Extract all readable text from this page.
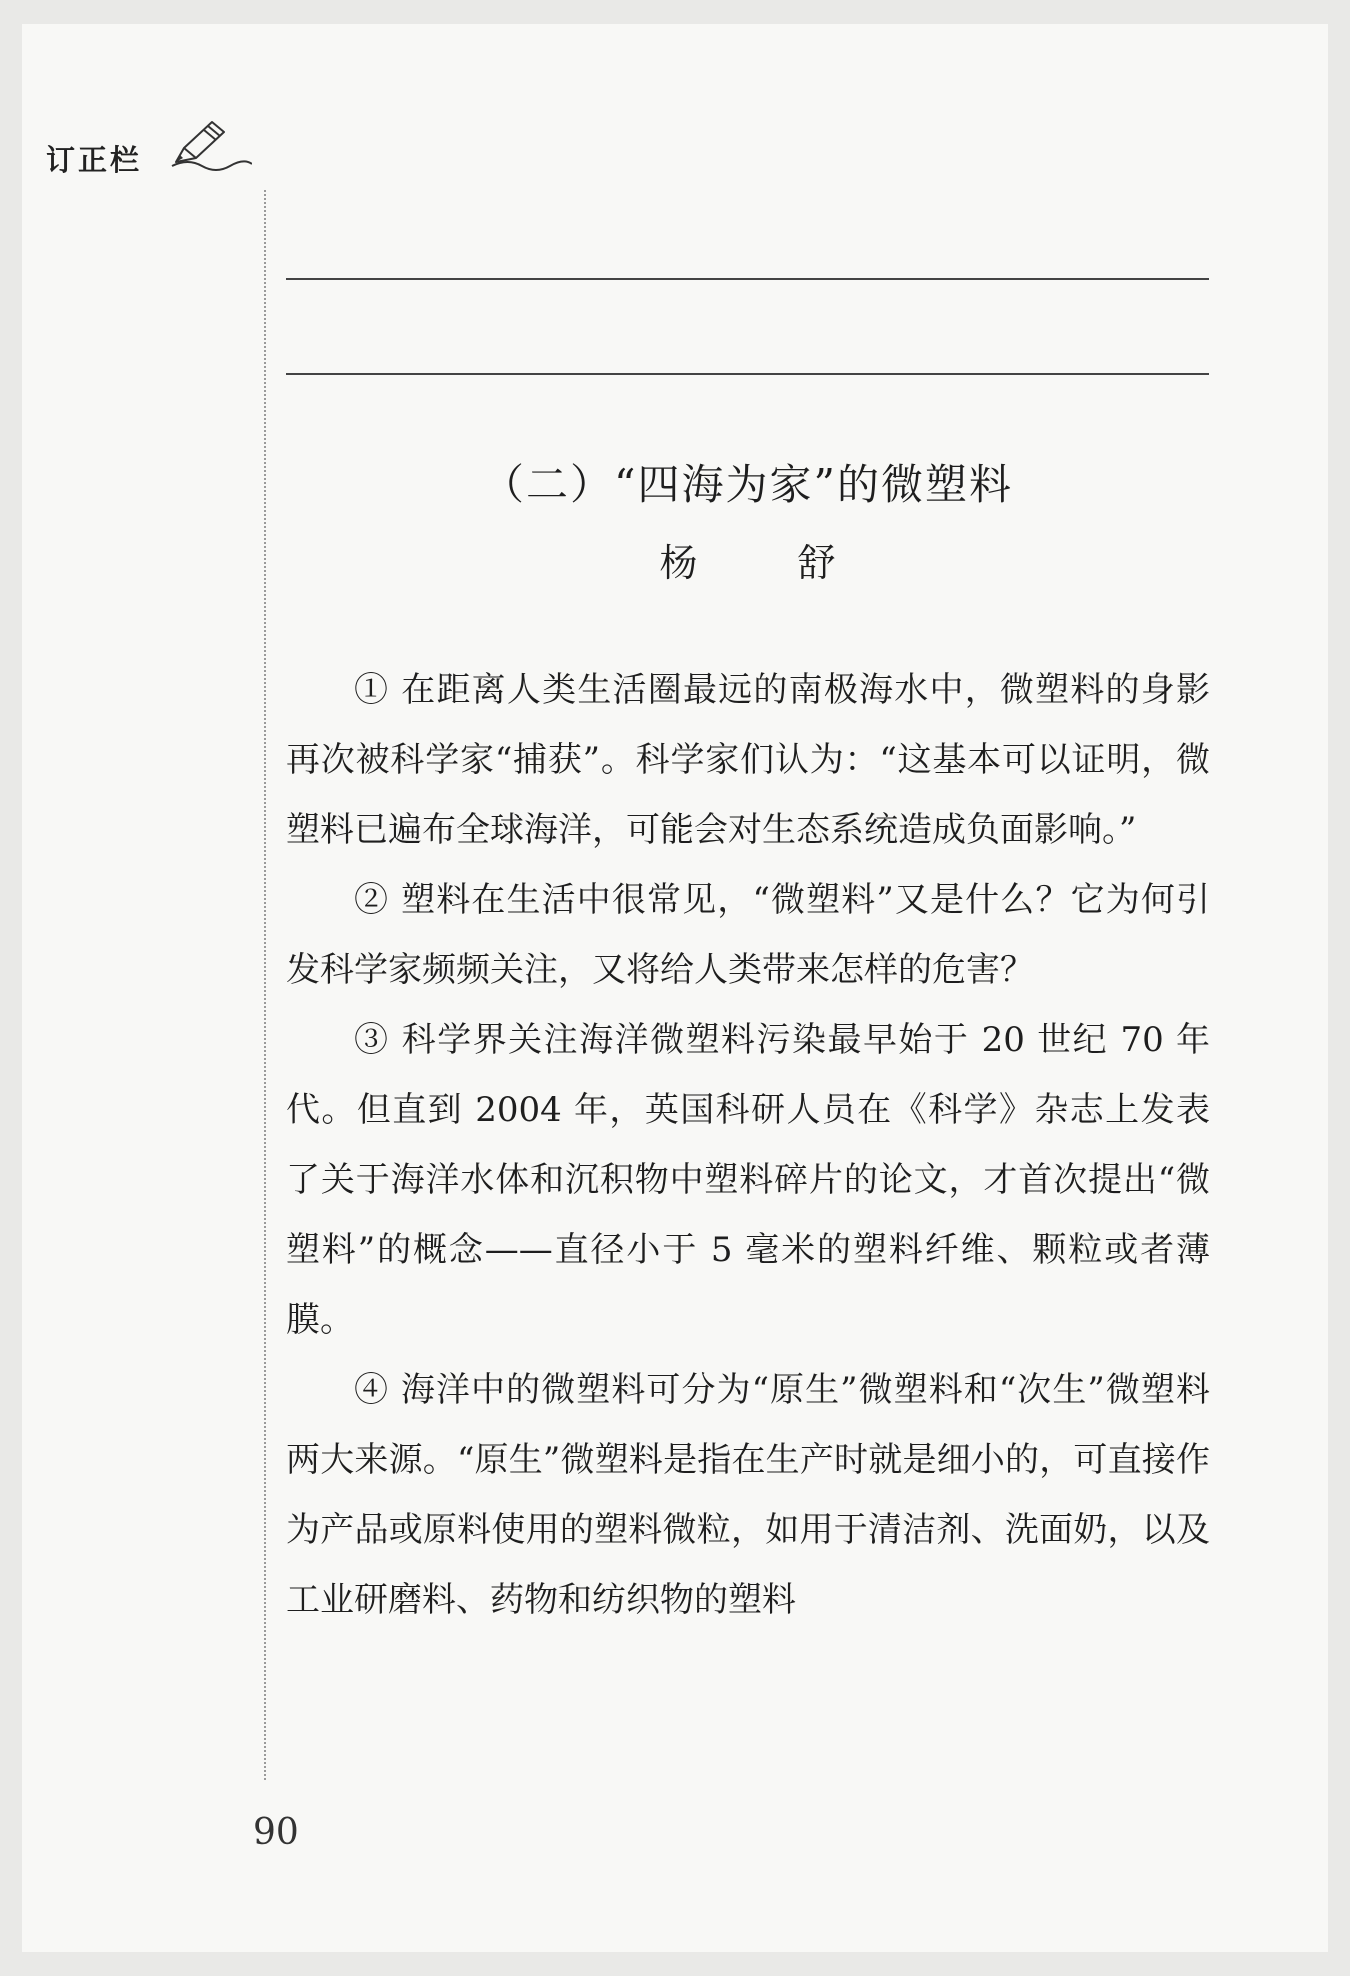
订正栏
（二）“四海为家”的微塑料
杨 舒

① 在距离人类生活圈最远的南极海水中，微塑料的身影再次被科学家“捕获”。科学家们认为：“这基本可以证明，微塑料已遍布全球海洋，可能会对生态系统造成负面影响。”

② 塑料在生活中很常见，“微塑料”又是什么？它为何引发科学家频频关注，又将给人类带来怎样的危害？

③ 科学界关注海洋微塑料污染最早始于 20 世纪 70 年代。但直到 2004 年，英国科研人员在《科学》杂志上发表了关于海洋水体和沉积物中塑料碎片的论文，才首次提出“微塑料”的概念——直径小于 5 毫米的塑料纤维、颗粒或者薄膜。

④ 海洋中的微塑料可分为“原生”微塑料和“次生”微塑料两大来源。“原生”微塑料是指在生产时就是细小的，可直接作为产品或原料使用的塑料微粒，如用于清洁剂、洗面奶，以及工业研磨料、药物和纺织物的塑料

90
